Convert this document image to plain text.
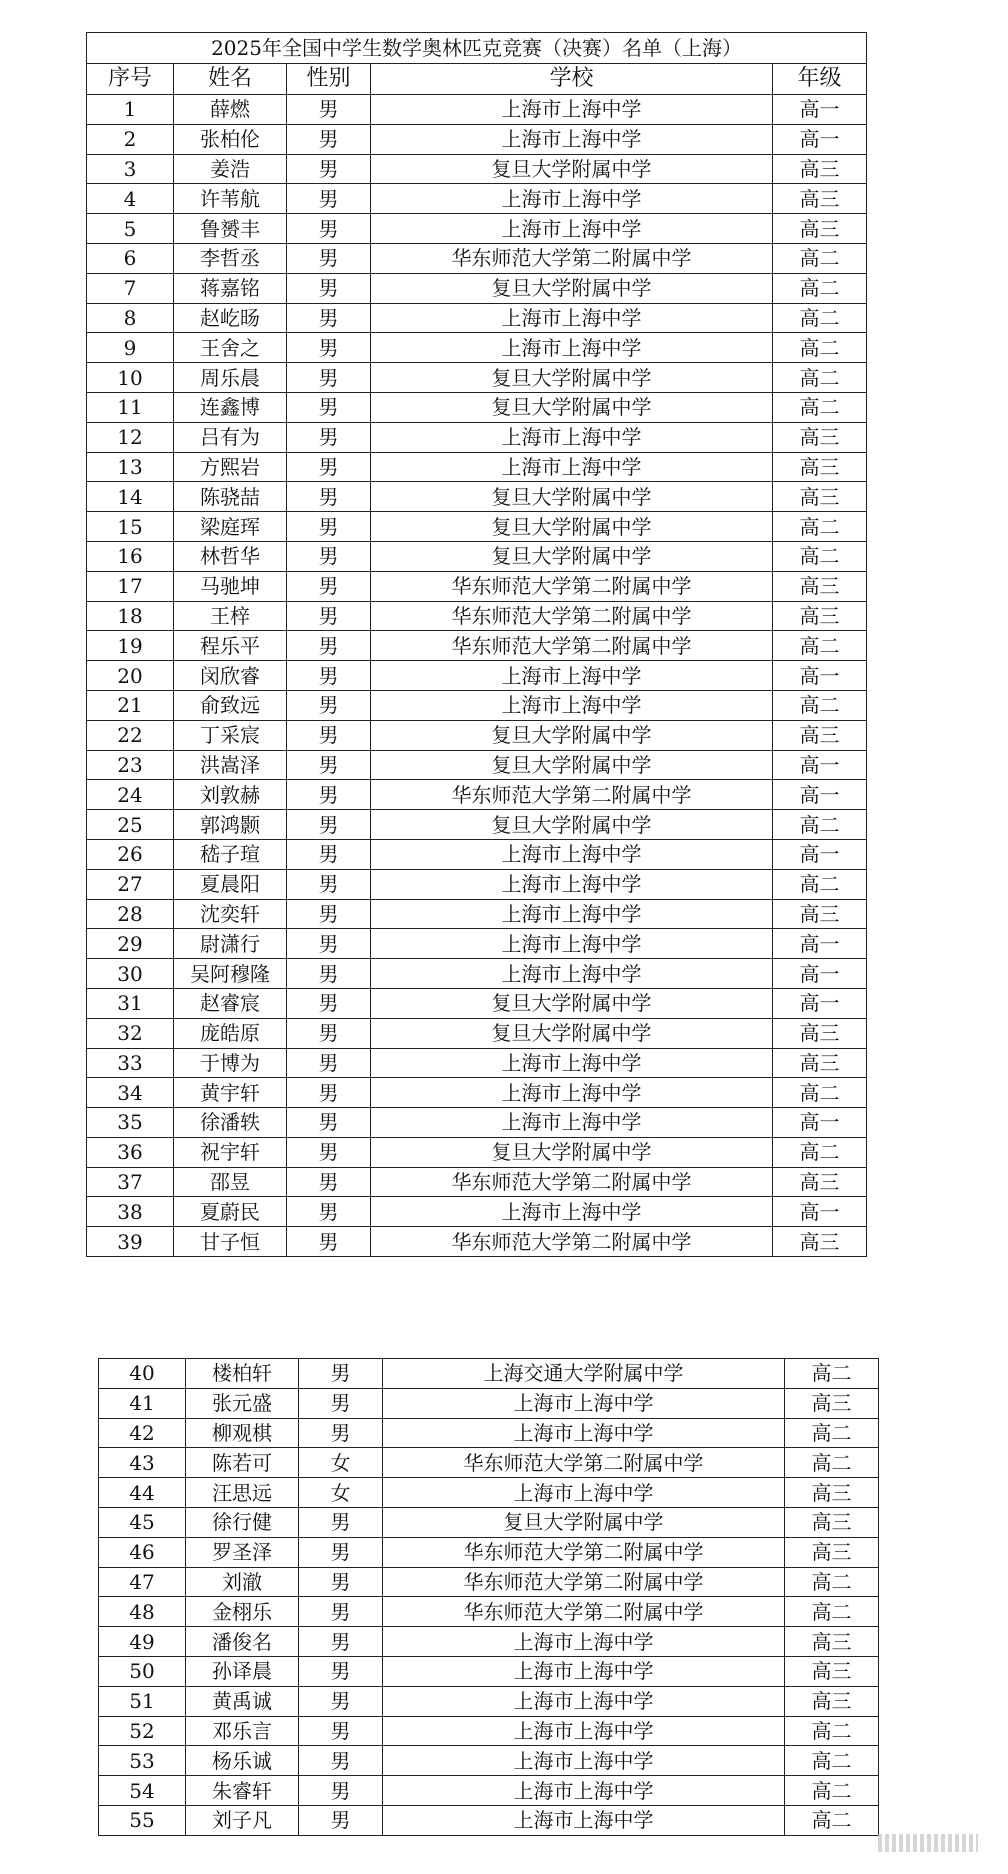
2025年全国中学生数学奥林匹克竞赛（决赛）名单（上海）				
序号	姓名	性别	学校	年级
1	薛燃	男	上海市上海中学	高一
2	张柏伦	男	上海市上海中学	高一
3	姜浩	男	复旦大学附属中学	高三
4	许苇航	男	上海市上海中学	高三
5	鲁赟丰	男	上海市上海中学	高三
6	李哲丞	男	华东师范大学第二附属中学	高二
7	蒋嘉铭	男	复旦大学附属中学	高二
8	赵屹旸	男	上海市上海中学	高二
9	王舍之	男	上海市上海中学	高二
10	周乐晨	男	复旦大学附属中学	高二
11	连鑫博	男	复旦大学附属中学	高二
12	吕有为	男	上海市上海中学	高三
13	方熙岩	男	上海市上海中学	高三
14	陈骁喆	男	复旦大学附属中学	高三
15	梁庭珲	男	复旦大学附属中学	高二
16	林哲华	男	复旦大学附属中学	高二
17	马驰坤	男	华东师范大学第二附属中学	高三
18	王梓	男	华东师范大学第二附属中学	高三
19	程乐平	男	华东师范大学第二附属中学	高二
20	闵欣睿	男	上海市上海中学	高一
21	俞致远	男	上海市上海中学	高二
22	丁采宸	男	复旦大学附属中学	高三
23	洪嵩泽	男	复旦大学附属中学	高一
24	刘敦赫	男	华东师范大学第二附属中学	高一
25	郭鸿颢	男	复旦大学附属中学	高二
26	嵇子瑄	男	上海市上海中学	高一
27	夏晨阳	男	上海市上海中学	高二
28	沈奕轩	男	上海市上海中学	高三
29	尉潇行	男	上海市上海中学	高一
30	吴阿穆隆	男	上海市上海中学	高一
31	赵睿宸	男	复旦大学附属中学	高一
32	庞皓原	男	复旦大学附属中学	高三
33	于博为	男	上海市上海中学	高三
34	黄宇轩	男	上海市上海中学	高二
35	徐潘轶	男	上海市上海中学	高一
36	祝宇轩	男	复旦大学附属中学	高二
37	邵昱	男	华东师范大学第二附属中学	高三
38	夏蔚民	男	上海市上海中学	高一
39	甘子恒	男	华东师范大学第二附属中学	高三
40	楼柏轩	男	上海交通大学附属中学	高二
41	张元盛	男	上海市上海中学	高三
42	柳观棋	男	上海市上海中学	高二
43	陈若可	女	华东师范大学第二附属中学	高二
44	汪思远	女	上海市上海中学	高三
45	徐行健	男	复旦大学附属中学	高三
46	罗圣泽	男	华东师范大学第二附属中学	高三
47	刘澈	男	华东师范大学第二附属中学	高二
48	金栩乐	男	华东师范大学第二附属中学	高二
49	潘俊名	男	上海市上海中学	高三
50	孙译晨	男	上海市上海中学	高三
51	黄禹诚	男	上海市上海中学	高三
52	邓乐言	男	上海市上海中学	高二
53	杨乐诚	男	上海市上海中学	高二
54	朱睿轩	男	上海市上海中学	高二
55	刘子凡	男	上海市上海中学	高二
